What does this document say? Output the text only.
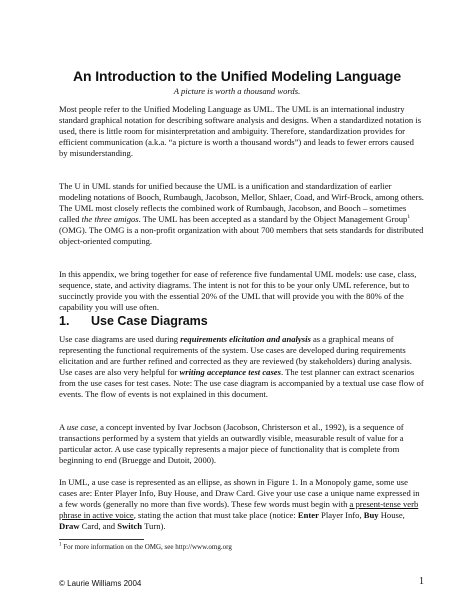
An Introduction to the Unified Modeling Language
A picture is worth a thousand words.

Most people refer to the Unified Modeling Language as UML. The UML is an international industry standard graphical notation for describing software analysis and designs. When a standardized notation is used, there is little room for misinterpretation and ambiguity. Therefore, standardization provides for efficient communication (a.k.a. “a picture is worth a thousand words”) and leads to fewer errors caused by misunderstanding.

The U in UML stands for unified because the UML is a unification and standardization of earlier modeling notations of Booch, Rumbaugh, Jacobson, Mellor, Shlaer, Coad, and Wirf-Brock, among others. The UML most closely reflects the combined work of Rumbaugh, Jacobson, and Booch – sometimes called the three amigos. The UML has been accepted as a standard by the Object Management Group$^1$ (OMG). The OMG is a non-profit organization with about 700 members that sets standards for distributed object-oriented computing.

In this appendix, we bring together for ease of reference five fundamental UML models: use case, class, sequence, state, and activity diagrams. The intent is not for this to be your only UML reference, but to succinctly provide you with the essential 20% of the UML that will provide you with the 80% of the capability you will use often.

1. Use Case Diagrams

Use case diagrams are used during requirements elicitation and analysis as a graphical means of representing the functional requirements of the system. Use cases are developed during requirements elicitation and are further refined and corrected as they are reviewed (by stakeholders) during analysis. Use cases are also very helpful for writing acceptance test cases. The test planner can extract scenarios from the use cases for test cases. Note: The use case diagram is accompanied by a textual use case flow of events. The flow of events is not explained in this document.

A use case, a concept invented by Ivar Jocbson (Jacobson, Christerson et al., 1992), is a sequence of transactions performed by a system that yields an outwardly visible, measurable result of value for a particular actor. A use case typically represents a major piece of functionality that is complete from beginning to end (Bruegge and Dutoit, 2000).

In UML, a use case is represented as an ellipse, as shown in Figure 1. In a Monopoly game, some use cases are: Enter Player Info, Buy House, and Draw Card. Give your use case a unique name expressed in a few words (generally no more than five words). These few words must begin with a present-tense verb phrase in active voice, stating the action that must take place (notice: Enter Player Info, Buy House, Draw Card, and Switch Turn).

$^1$ For more information on the OMG, see http://www.omg.org
© Laurie Williams 2004	1
